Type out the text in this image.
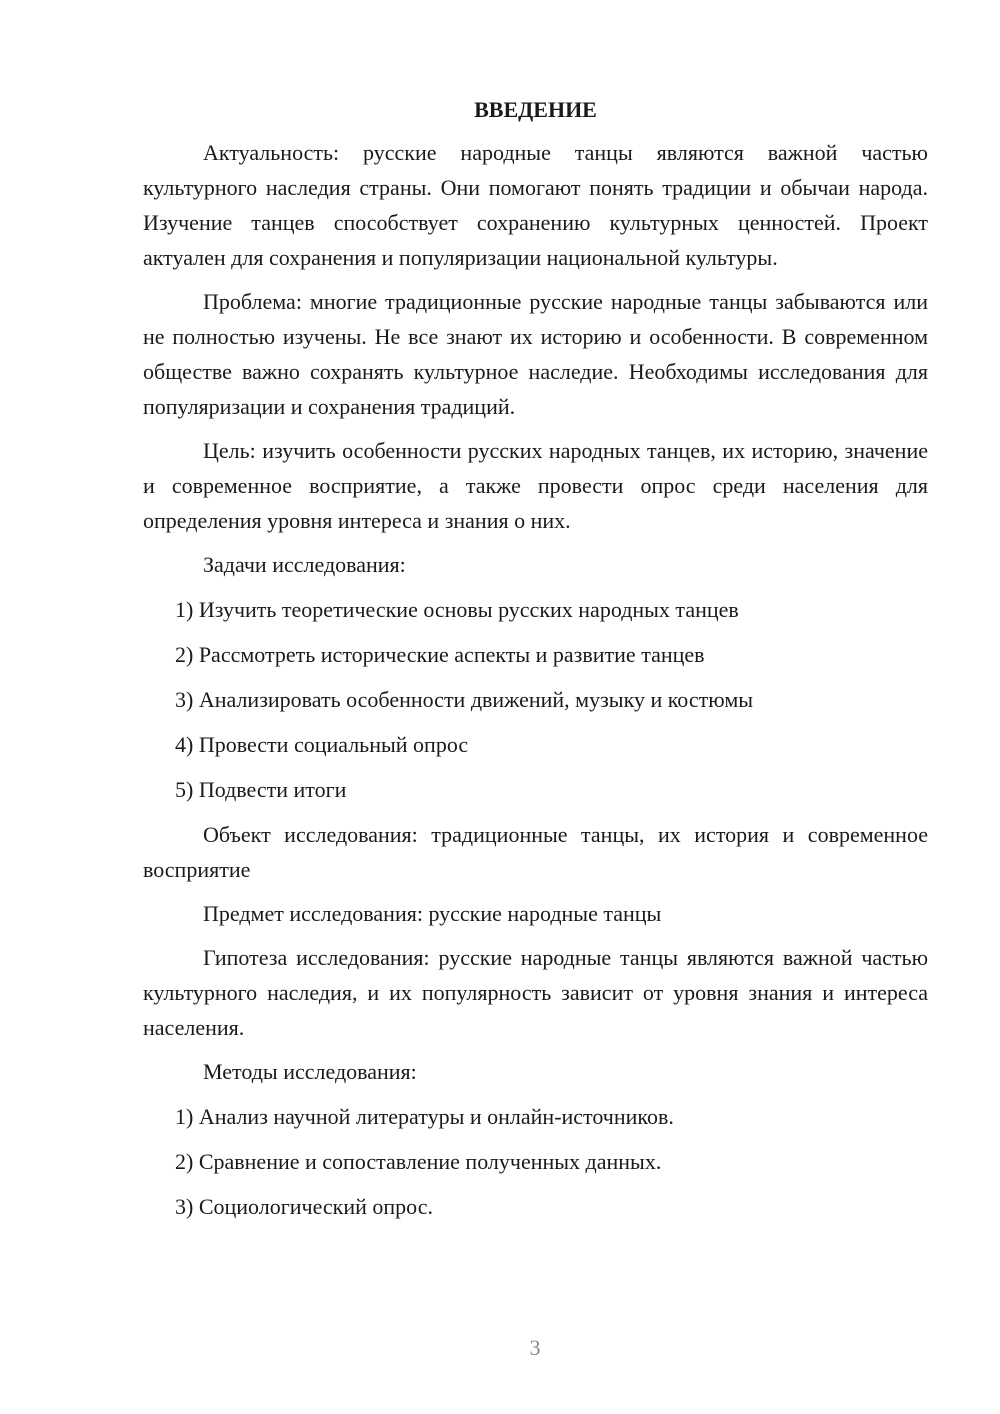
ВВЕДЕНИЕ

Актуальность: русские народные танцы являются важной частью культурного наследия страны. Они помогают понять традиции и обычаи народа. Изучение танцев способствует сохранению культурных ценностей. Проект актуален для сохранения и популяризации национальной культуры.

Проблема: многие традиционные русские народные танцы забываются или не полностью изучены. Не все знают их историю и особенности. В современном обществе важно сохранять культурное наследие. Необходимы исследования для популяризации и сохранения традиций.

Цель: изучить особенности русских народных танцев, их историю, значение и современное восприятие, а также провести опрос среди населения для определения уровня интереса и знания о них.

Задачи исследования:
1) Изучить теоретические основы русских народных танцев
2) Рассмотреть исторические аспекты и развитие танцев
3) Анализировать особенности движений, музыку и костюмы
4) Провести социальный опрос
5) Подвести итоги

Объект исследования: традиционные танцы, их история и современное восприятие

Предмет исследования: русские народные танцы

Гипотеза исследования: русские народные танцы являются важной частью культурного наследия, и их популярность зависит от уровня знания и интереса населения.

Методы исследования:
1) Анализ научной литературы и онлайн-источников.
2) Сравнение и сопоставление полученных данных.
3) Социологический опрос.
3
